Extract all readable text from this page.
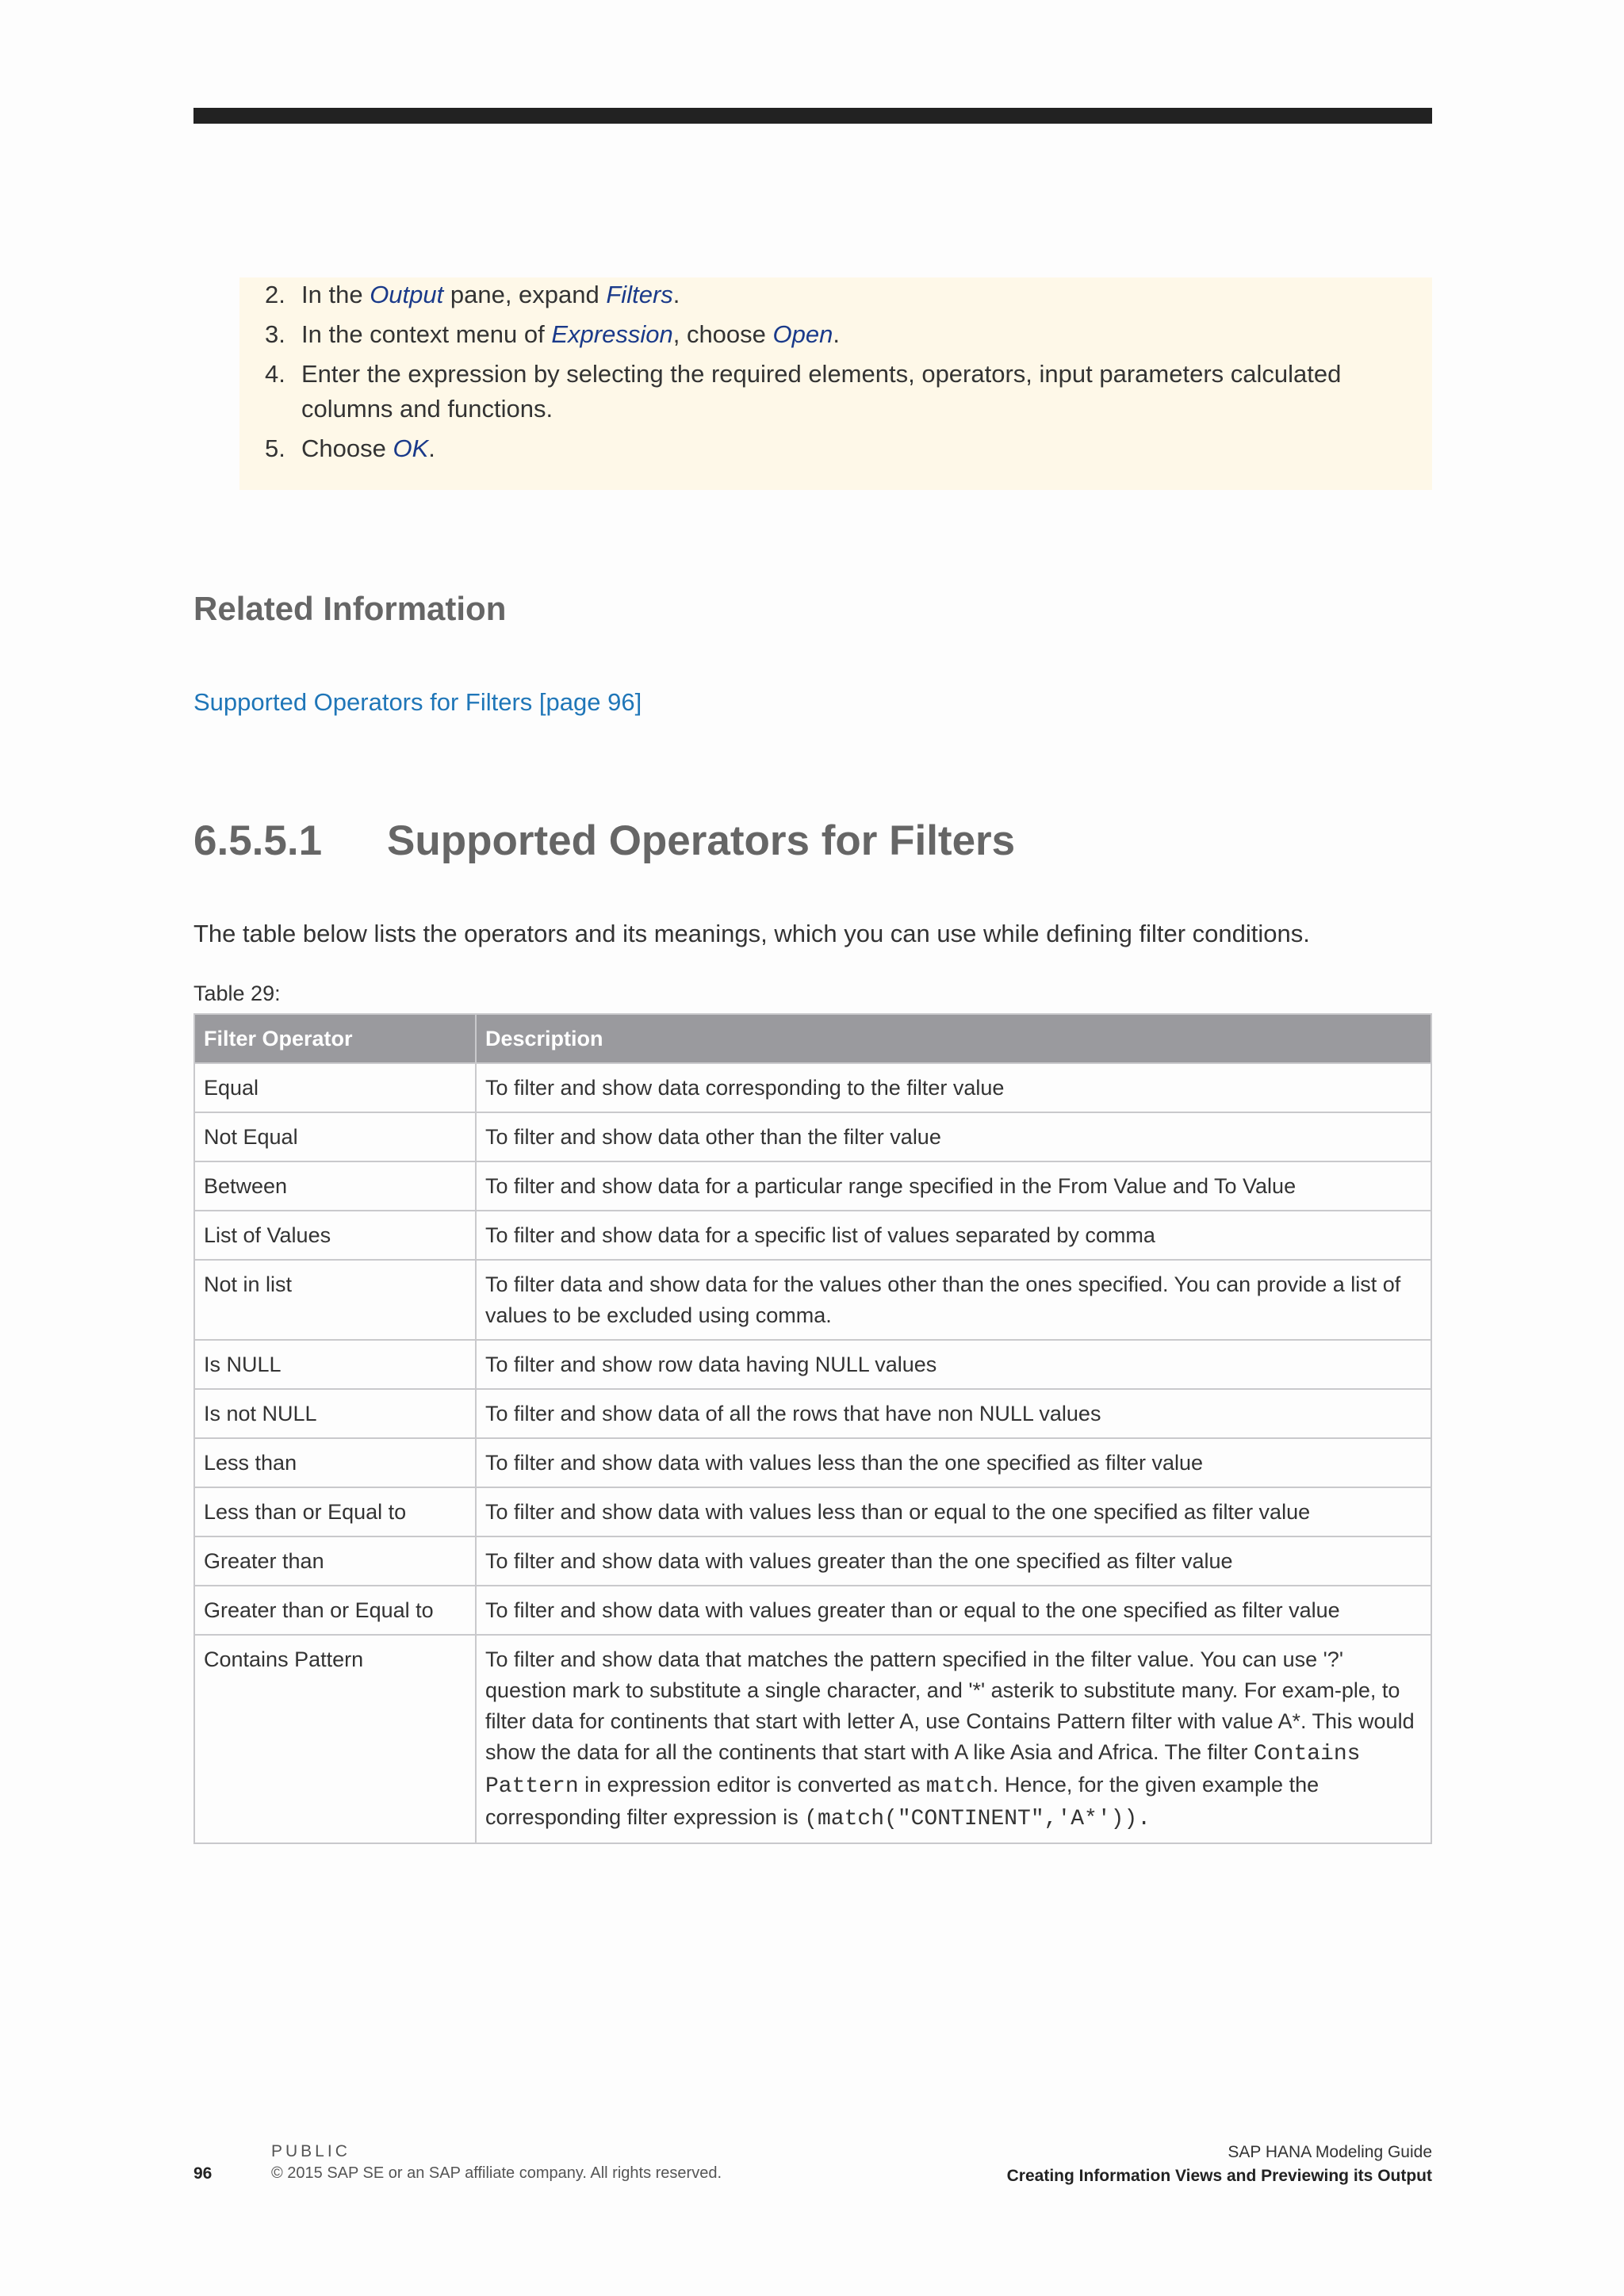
2. In the Output pane, expand Filters.
3. In the context menu of Expression, choose Open.
4. Enter the expression by selecting the required elements, operators, input parameters calculated columns and functions.
5. Choose OK.
Related Information
Supported Operators for Filters [page 96]
6.5.5.1 Supported Operators for Filters
The table below lists the operators and its meanings, which you can use while defining filter conditions.
Table 29:
Filter Operator	Description
Equal	To filter and show data corresponding to the filter value
Not Equal	To filter and show data other than the filter value
Between	To filter and show data for a particular range specified in the From Value and To Value
List of Values	To filter and show data for a specific list of values separated by comma
Not in list	To filter data and show data for the values other than the ones specified. You can provide a list of values to be excluded using comma.
Is NULL	To filter and show row data having NULL values
Is not NULL	To filter and show data of all the rows that have non NULL values
Less than	To filter and show data with values less than the one specified as filter value
Less than or Equal to	To filter and show data with values less than or equal to the one specified as filter value
Greater than	To filter and show data with values greater than the one specified as filter value
Greater than or Equal to	To filter and show data with values greater than or equal to the one specified as filter value
Contains Pattern	To filter and show data that matches the pattern specified in the filter value. You can use '?' question mark to substitute a single character, and '*' asterik to substitute many. For exam-ple, to filter data for continents that start with letter A, use Contains Pattern filter with value A*. This would show the data for all the continents that start with A like Asia and Africa. The filter Contains Pattern in expression editor is converted as match. Hence, for the given example the corresponding filter expression is (match("CONTINENT",'A*')).
96
PUBLIC
© 2015 SAP SE or an SAP affiliate company. All rights reserved.
SAP HANA Modeling Guide
Creating Information Views and Previewing its Output
